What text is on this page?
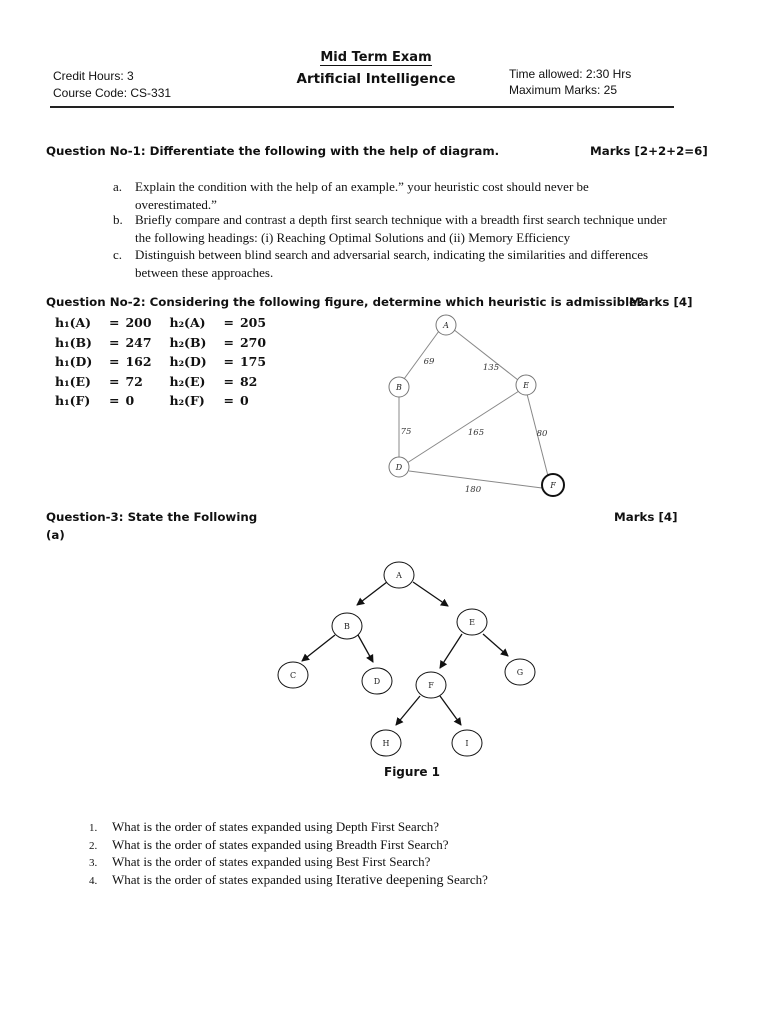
Mid Term Exam
Artificial Intelligence
Credit Hours: 3
Course Code: CS-331
Time allowed: 2:30 Hrs
Maximum Marks: 25
Question No-1: Differentiate the following with the help of diagram.	Marks [2+2+2=6]
a. Explain the condition with the help of an example.” your heuristic cost should never be
overestimated.”
b. Briefly compare and contrast a depth first search technique with a breadth first search technique under
the following headings: (i) Reaching Optimal Solutions and (ii) Memory Efficiency
c. Distinguish between blind search and adversarial search, indicating the similarities and differences
between these approaches.
Question No-2: Considering the following figure, determine which heuristic is admissible?
Marks [4]
h₁(A)	=	200	h₂(A)	=	205
h₁(B)	=	247	h₂(B)	=	270
h₁(D)	=	162	h₂(D)	=	175
h₁(E)	=	72	h₂(E)	=	82
h₁(F)	=	0	h₂(F)	=	0
A
B	E
D
F
69
135
75	165	80
180
Question-3: State the Following	Marks [4]
(a)
A
B	E
C
D	F
G
H	I
Figure 1
1. What is the order of states expanded using Depth First Search?
2. What is the order of states expanded using Breadth First Search?
3. What is the order of states expanded using Best First Search?
4. What is the order of states expanded using Iterative deepening Search?
